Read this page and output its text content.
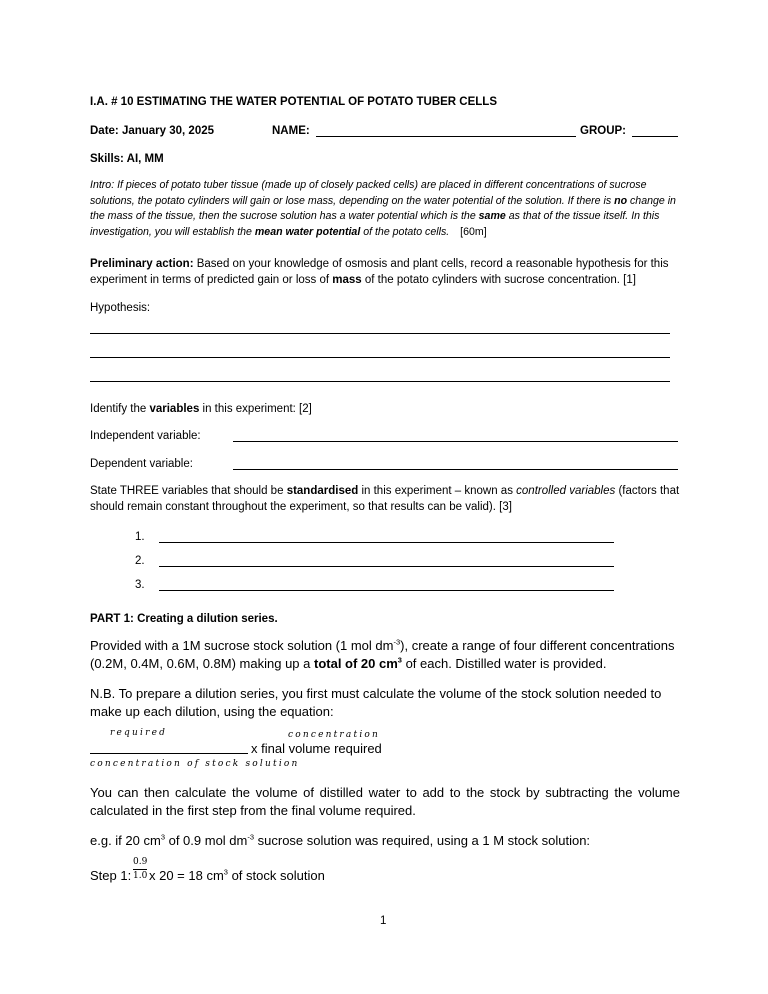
I.A. # 10 ESTIMATING THE WATER POTENTIAL OF POTATO TUBER CELLS
Date: January 30, 2025	NAME:	GROUP:
Skills: AI, MM
Intro: If pieces of potato tuber tissue (made up of closely packed cells) are placed in different concentrations of sucrose solutions, the potato cylinders will gain or lose mass, depending on the water potential of the solution. If there is no change in the mass of the tissue, then the sucrose solution has a water potential which is the same as that of the tissue itself. In this investigation, you will establish the mean water potential of the potato cells. [60m]
Preliminary action: Based on your knowledge of osmosis and plant cells, record a reasonable hypothesis for this experiment in terms of predicted gain or loss of mass of the potato cylinders with sucrose concentration. [1]
Hypothesis:
Identify the variables in this experiment: [2]
Independent variable:
Dependent variable:
State THREE variables that should be standardised in this experiment – known as controlled variables (factors that should remain constant throughout the experiment, so that results can be valid). [3]
1.
2.
3.
PART 1: Creating a dilution series.
Provided with a 1M sucrose stock solution (1 mol $dm^{-3}$), create a range of four different concentrations (0.2M, 0.4M, 0.6M, 0.8M) making up a total of 20 $cm^3$ of each. Distilled water is provided.
N.B. To prepare a dilution series, you first must calculate the volume of the stock solution needed to make up each dilution, using the equation:
required	concentration
x final volume required
concentration of stock solution
You can then calculate the volume of distilled water to add to the stock by subtracting the volume calculated in the first step from the final volume required.
e.g. if 20 $cm^3$ of 0.9 mol $dm^{-3}$ sucrose solution was required, using a 1 M stock solution:
Step 1:
0.9
1.0 x 20 = 18 $cm^3$ of stock solution
1
